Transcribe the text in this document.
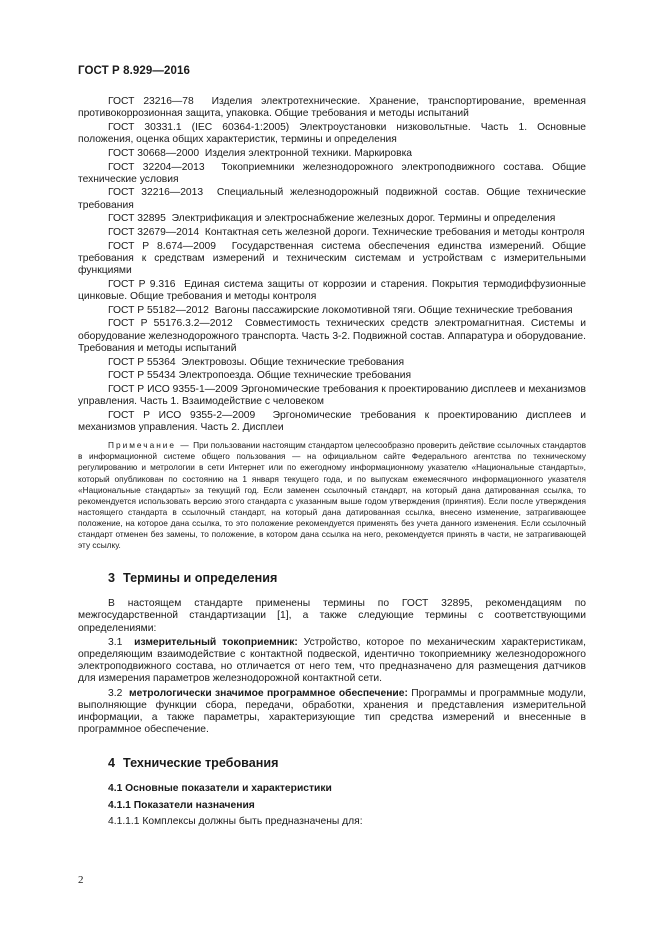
ГОСТ Р 8.929—2016

ГОСТ 23216—78 Изделия электротехнические. Хранение, транспортирование, временная противокоррозионная защита, упаковка. Общие требования и методы испытаний

ГОСТ 30331.1 (IEC 60364-1:2005) Электроустановки низковольтные. Часть 1. Основные положения, оценка общих характеристик, термины и определения

ГОСТ 30668—2000 Изделия электронной техники. Маркировка

ГОСТ 32204—2013 Токоприемники железнодорожного электроподвижного состава. Общие технические условия

ГОСТ 32216—2013 Специальный железнодорожный подвижной состав. Общие технические требования

ГОСТ 32895 Электрификация и электроснабжение железных дорог. Термины и определения

ГОСТ 32679—2014 Контактная сеть железной дороги. Технические требования и методы контроля

ГОСТ Р 8.674—2009 Государственная система обеспечения единства измерений. Общие требования к средствам измерений и техническим системам и устройствам с измерительными функциями

ГОСТ Р 9.316 Единая система защиты от коррозии и старения. Покрытия термодиффузионные цинковые. Общие требования и методы контроля

ГОСТ Р 55182—2012 Вагоны пассажирские локомотивной тяги. Общие технические требования

ГОСТ Р 55176.3.2—2012 Совместимость технических средств электромагнитная. Системы и оборудование железнодорожного транспорта. Часть 3-2. Подвижной состав. Аппаратура и оборудование. Требования и методы испытаний

ГОСТ Р 55364 Электровозы. Общие технические требования

ГОСТ Р 55434 Электропоезда. Общие технические требования

ГОСТ Р ИСО 9355-1—2009 Эргономические требования к проектированию дисплеев и механизмов управления. Часть 1. Взаимодействие с человеком

ГОСТ Р ИСО 9355-2—2009 Эргономические требования к проектированию дисплеев и механизмов управления. Часть 2. Дисплеи

Примечание — При пользовании настоящим стандартом целесообразно проверить действие ссылочных стандартов в информационной системе общего пользования — на официальном сайте Федерального агентства по техническому регулированию и метрологии в сети Интернет или по ежегодному информационному указателю «Национальные стандарты», который опубликован по состоянию на 1 января текущего года, и по выпускам ежемесячного информационного указателя «Национальные стандарты» за текущий год. Если заменен ссылочный стандарт, на который дана датированная ссылка, то рекомендуется использовать версию этого стандарта с указанным выше годом утверждения (принятия). Если после утверждения настоящего стандарта в ссылочный стандарт, на который дана датированная ссылка, внесено изменение, затрагивающее положение, на которое дана ссылка, то это положение рекомендуется применять без учета данного изменения. Если ссылочный стандарт отменен без замены, то положение, в котором дана ссылка на него, рекомендуется принять в части, не затрагивающей эту ссылку.

3 Термины и определения

В настоящем стандарте применены термины по ГОСТ 32895, рекомендациям по межгосударственной стандартизации [1], а также следующие термины с соответствующими определениями:

3.1 измерительный токоприемник: Устройство, которое по механическим характеристикам, определяющим взаимодействие с контактной подвеской, идентично токоприемнику железнодорожного электроподвижного состава, но отличается от него тем, что предназначено для размещения датчиков для измерения параметров железнодорожной контактной сети.

3.2 метрологически значимое программное обеспечение: Программы и программные модули, выполняющие функции сбора, передачи, обработки, хранения и представления измерительной информации, а также параметры, характеризующие тип средства измерений и внесенные в программное обеспечение.

4 Технические требования

4.1 Основные показатели и характеристики

4.1.1 Показатели назначения

4.1.1.1 Комплексы должны быть предназначены для:

2
